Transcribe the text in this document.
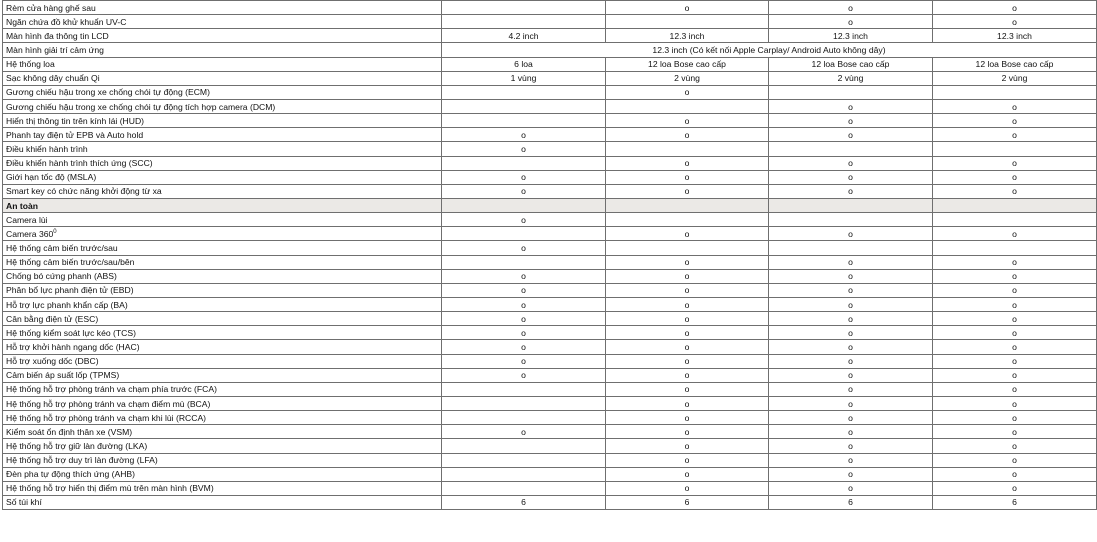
Rèm cửa hàng ghế sau		o	o	o
Ngăn chứa đồ khử khuẩn UV-C			o	o
Màn hình đa thông tin LCD	4.2 inch	12.3 inch	12.3 inch	12.3 inch
Màn hình giải trí cảm ứng	12.3 inch (Có kết nối Apple Carplay/ Android Auto không dây)			
Hệ thống loa	6 loa	12 loa Bose cao cấp	12 loa Bose cao cấp	12 loa Bose cao cấp
Sạc không dây chuẩn Qi	1 vùng	2 vùng	2 vùng	2 vùng
Gương chiếu hậu trong xe chống chói tự động (ECM)		o		
Gương chiếu hậu trong xe chống chói tự động tích hợp camera (DCM)			o	o
Hiển thị thông tin trên kính lái (HUD)		o	o	o
Phanh tay điện tử EPB và Auto hold	o	o	o	o
Điều khiển hành trình	o			
Điều khiển hành trình thích ứng (SCC)		o	o	o
Giới hạn tốc độ (MSLA)	o	o	o	o
Smart key có chức năng khởi động từ xa	o	o	o	o
An toàn				
Camera lùi	o			
Camera $360^0$		o	o	o
Hệ thống cảm biến trước/sau	o			
Hệ thống cảm biến trước/sau/bên		o	o	o
Chống bó cứng phanh (ABS)	o	o	o	o
Phân bổ lực phanh điện tử (EBD)	o	o	o	o
Hỗ trợ lực phanh khẩn cấp (BA)	o	o	o	o
Cân bằng điện tử (ESC)	o	o	o	o
Hệ thống kiểm soát lực kéo (TCS)	o	o	o	o
Hỗ trợ khởi hành ngang dốc (HAC)	o	o	o	o
Hỗ trợ xuống dốc (DBC)	o	o	o	o
Cảm biến áp suất lốp (TPMS)	o	o	o	o
Hệ thống hỗ trợ phòng tránh va chạm phía trước (FCA)		o	o	o
Hệ thống hỗ trợ phòng tránh va chạm điểm mù (BCA)		o	o	o
Hệ thống hỗ trợ phòng tránh va chạm khi lùi (RCCA)		o	o	o
Kiểm soát ổn định thân xe (VSM)	o	o	o	o
Hệ thống hỗ trợ giữ làn đường (LKA)		o	o	o
Hệ thống hỗ trợ duy trì làn đường (LFA)		o	o	o
Đèn pha tự động thích ứng (AHB)		o	o	o
Hệ thống hỗ trợ hiển thị điểm mù trên màn hình (BVM)		o	o	o
Số túi khí	6	6	6	6
